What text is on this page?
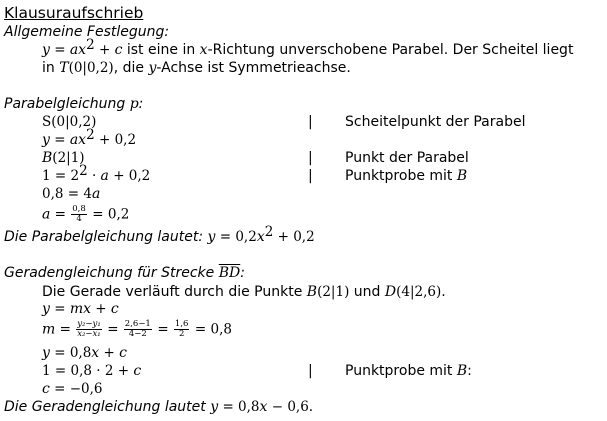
Klausuraufschrieb
Allgemeine Festlegung:
$y = ax^2 + c$ ist eine in x-Richtung unverschobene Parabel. Der Scheitel liegt
in T(0|0,2), die y-Achse ist Symmetrieachse.
Parabelgleichung p:
S(0|0,2)	| Scheitelpunkt der Parabel
$y = ax^2 + 0,2$
B(2|1)	| Punkt der Parabel
$1 = 2^2 \cdot a + 0,2$	| Punktprobe mit B
0,8 = 4a
$a = \frac{0,8}{4} = 0,2$
Die Parabelgleichung lautet: $y = 0,2x^2 + 0,2$
Geradengleichung für Strecke $\overline{BD}$:
Die Gerade verläuft durch die Punkte B(2|1) und D(4|2,6).
y = mx + c
$m = \frac{\text{y₂−y₁}}{\text{x₂−x₁}} = \frac{2,6-1}{4-2} = \frac{1,6}{2} = 0,8$
y = 0,8x + c
1 = 0,8 · 2 + c	| Punktprobe mit B:
c = −0,6
Die Geradengleichung lautet y = 0,8x − 0,6.
